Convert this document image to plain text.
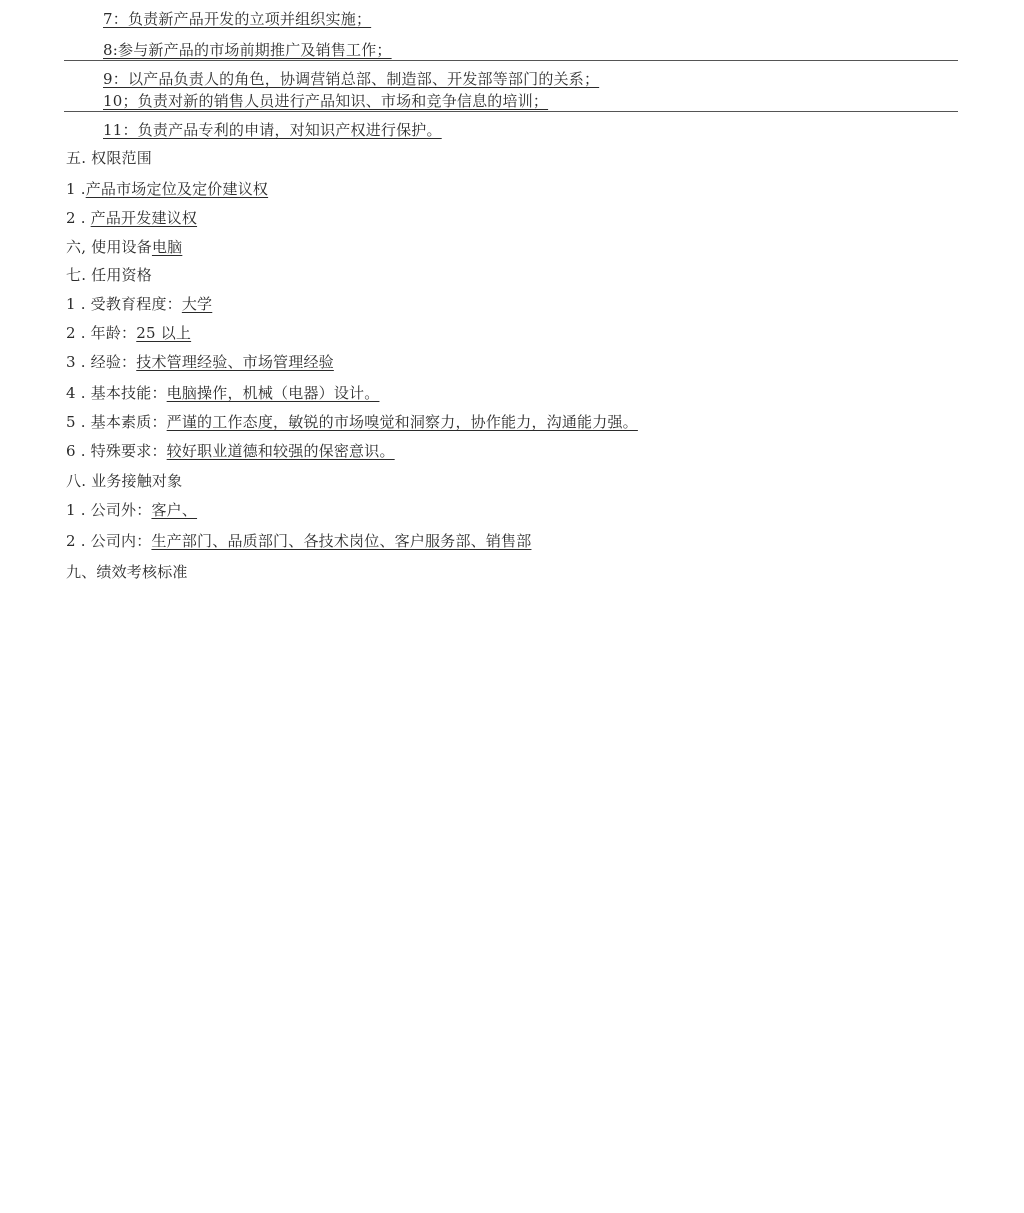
7：负责新产品开发的立项并组织实施；
8:参与新产品的市场前期推广及销售工作；
9：以产品负责人的角色，协调营销总部、制造部、开发部等部门的关系；
10；负责对新的销售人员进行产品知识、市场和竞争信息的培训；
11：负责产品专利的申请，对知识产权进行保护。
五. 权限范围
1 .产品市场定位及定价建议权
2 . 产品开发建议权
六, 使用设备电脑
七. 任用资格
1 . 受教育程度：大学
2 . 年龄：25 以上
3 . 经验：技术管理经验、市场管理经验
4 . 基本技能：电脑操作，机械（电器）设计。
5 . 基本素质：严谨的工作态度，敏锐的市场嗅觉和洞察力，协作能力，沟通能力强。
6 . 特殊要求：较好职业道德和较强的保密意识。
八. 业务接触对象
1 . 公司外：客户、
2 . 公司内：生产部门、品质部门、各技术岗位、客户服务部、销售部
九、绩效考核标准
